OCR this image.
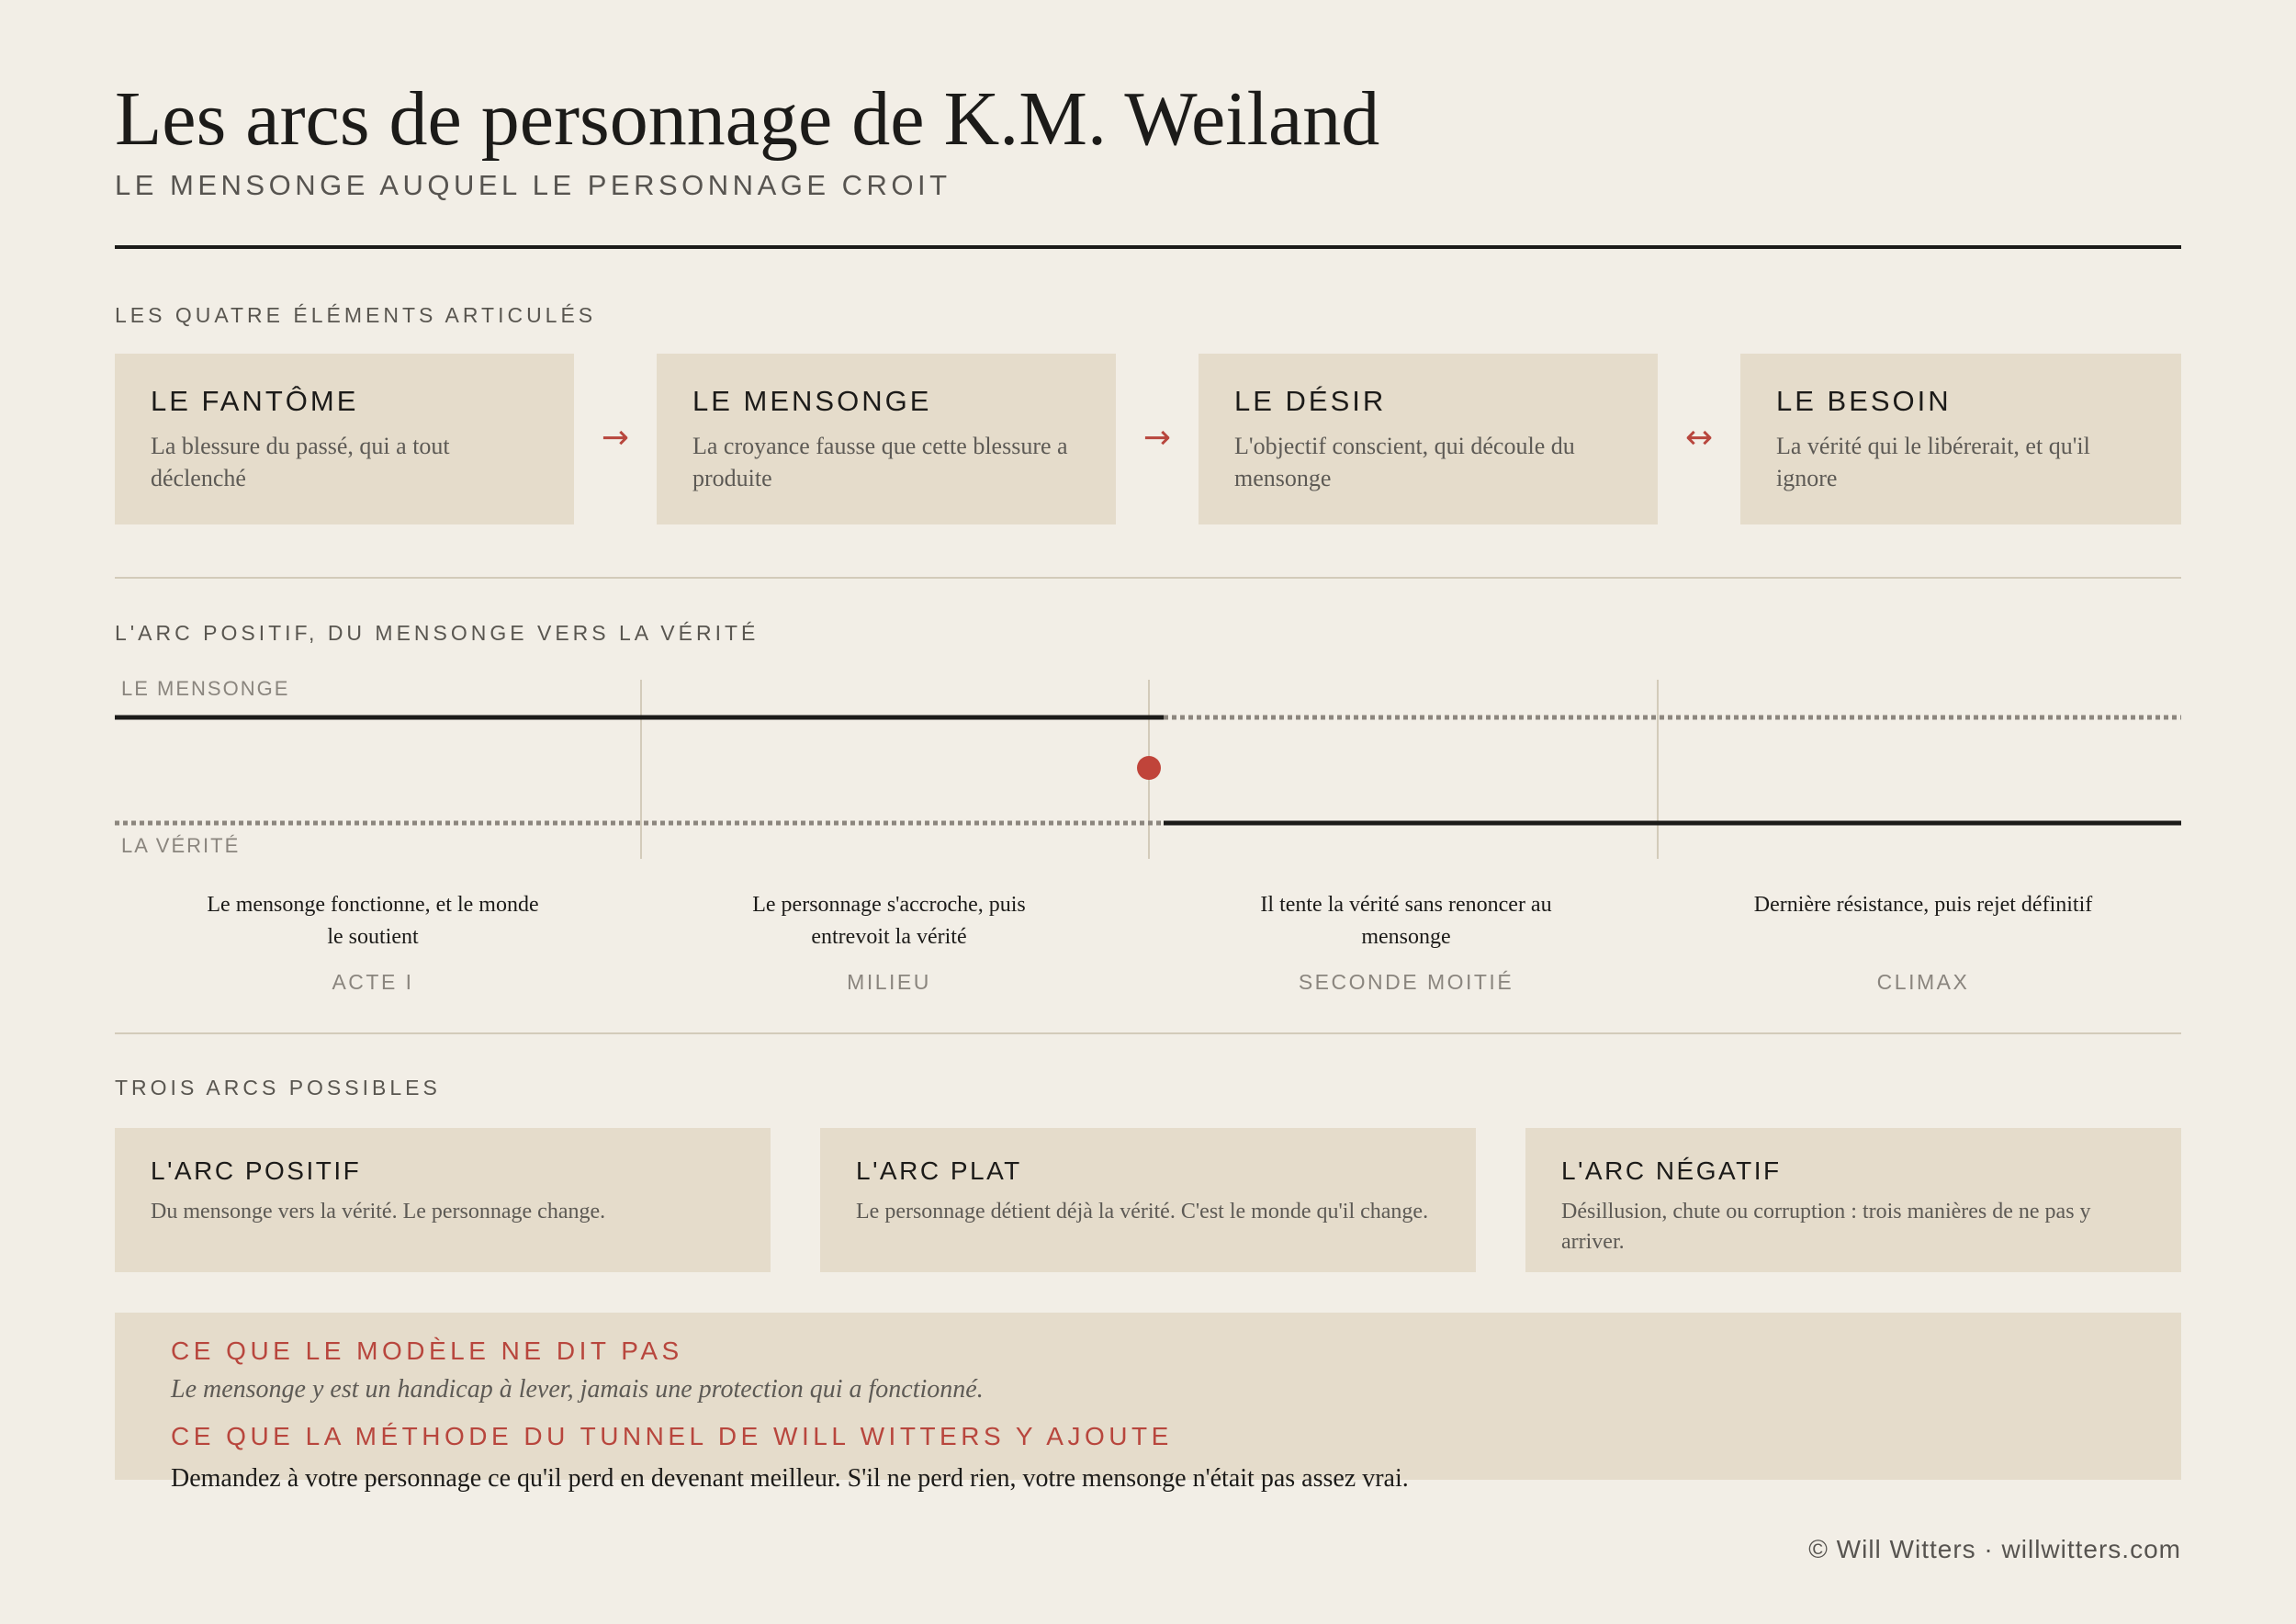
Les arcs de personnage de K.M. Weiland
LE MENSONGE AUQUEL LE PERSONNAGE CROIT
LES QUATRE ÉLÉMENTS ARTICULÉS
LE FANTÔME
La blessure du passé, qui a tout déclenché
→
LE MENSONGE
La croyance fausse que cette blessure a produite
→
LE DÉSIR
L'objectif conscient, qui découle du mensonge
↔
LE BESOIN
La vérité qui le libérerait, et qu'il ignore
L'ARC POSITIF, DU MENSONGE VERS LA VÉRITÉ
LE MENSONGE
LA VÉRITÉ
Le mensonge fonctionne, et le monde le soutient
ACTE I
Le personnage s'accroche, puis entrevoit la vérité
MILIEU
Il tente la vérité sans renoncer au mensonge
SECONDE MOITIÉ
Dernière résistance, puis rejet définitif
CLIMAX
TROIS ARCS POSSIBLES
L'ARC POSITIF
Du mensonge vers la vérité. Le personnage change.
L'ARC PLAT
Le personnage détient déjà la vérité. C'est le monde qu'il change.
L'ARC NÉGATIF
Désillusion, chute ou corruption : trois manières de ne pas y arriver.
CE QUE LE MODÈLE NE DIT PAS
Le mensonge y est un handicap à lever, jamais une protection qui a fonctionné.
CE QUE LA MÉTHODE DU TUNNEL DE WILL WITTERS Y AJOUTE
Demandez à votre personnage ce qu'il perd en devenant meilleur. S'il ne perd rien, votre mensonge n'était pas assez vrai.
© Will Witters · willwitters.com
